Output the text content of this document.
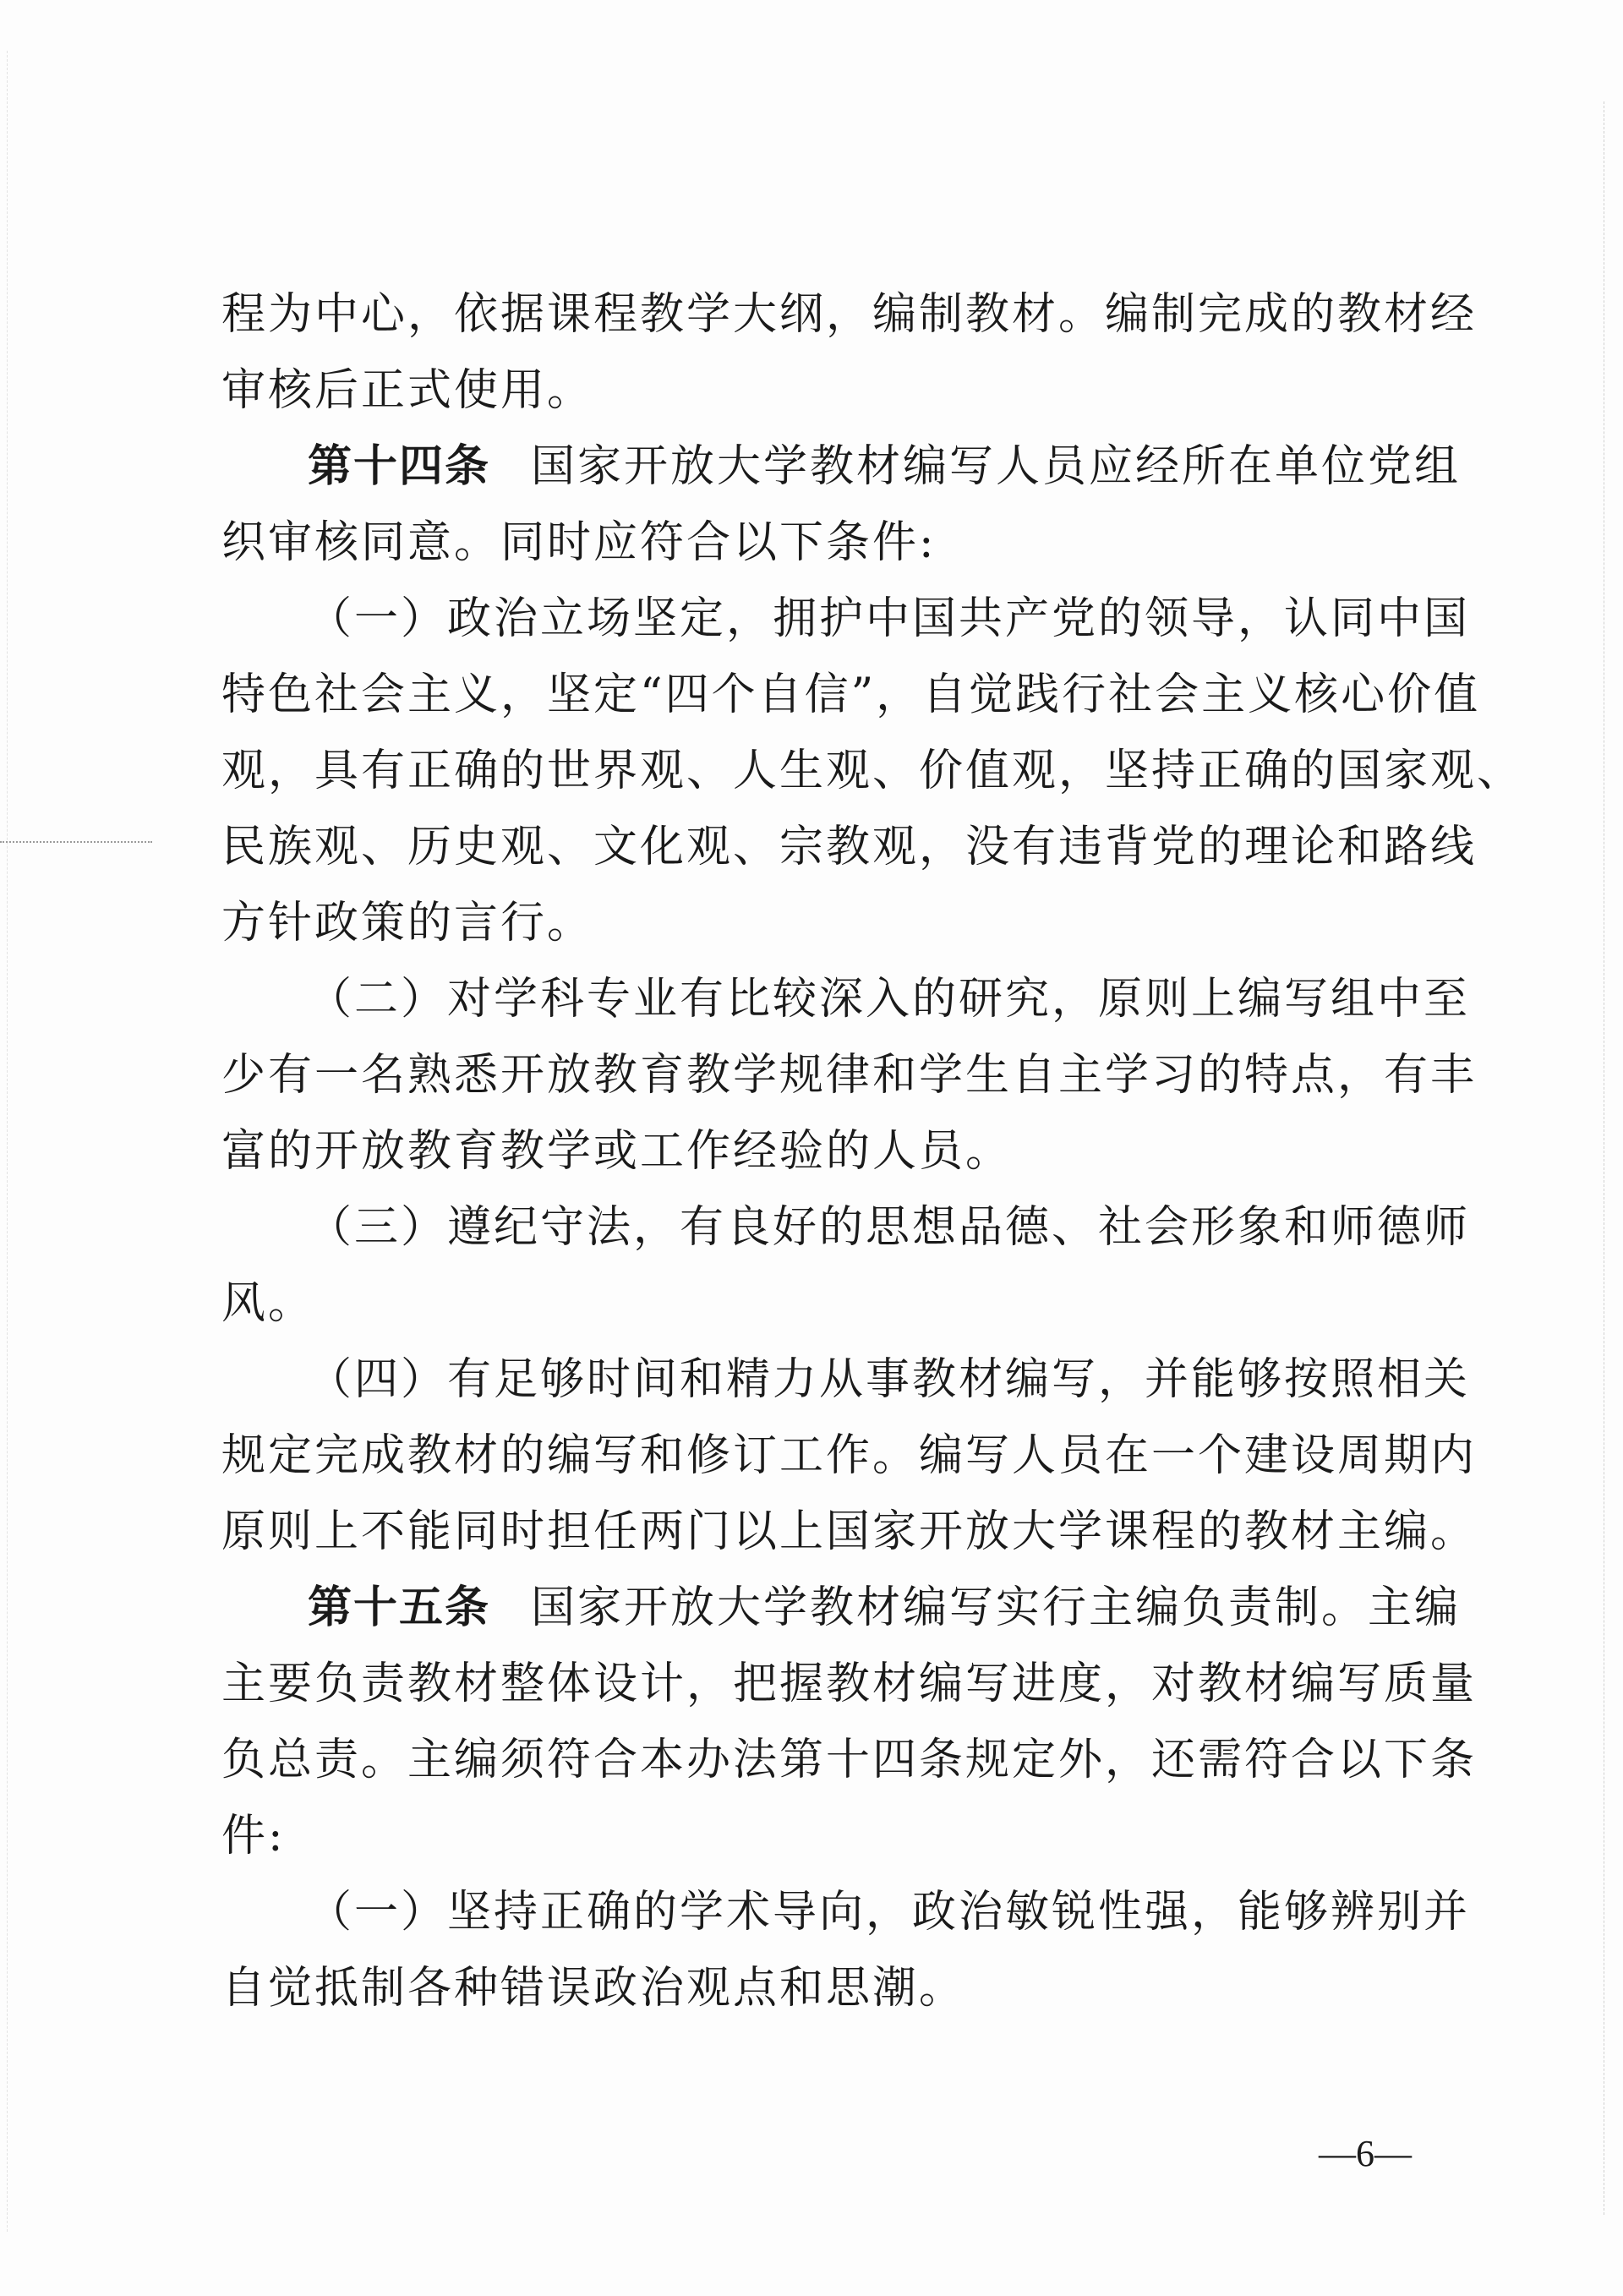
程为中心，依据课程教学大纲，编制教材。编制完成的教材经
审核后正式使用。
第十四条 国家开放大学教材编写人员应经所在单位党组
织审核同意。同时应符合以下条件:
（一）政治立场坚定，拥护中国共产党的领导，认同中国
特色社会主义，坚定“四个自信”，自觉践行社会主义核心价值
观，具有正确的世界观、人生观、价值观，坚持正确的国家观、
民族观、历史观、文化观、宗教观，没有违背党的理论和路线
方针政策的言行。
（二）对学科专业有比较深入的研究，原则上编写组中至
少有一名熟悉开放教育教学规律和学生自主学习的特点，有丰
富的开放教育教学或工作经验的人员。
（三）遵纪守法，有良好的思想品德、社会形象和师德师
风。
（四）有足够时间和精力从事教材编写，并能够按照相关
规定完成教材的编写和修订工作。编写人员在一个建设周期内
原则上不能同时担任两门以上国家开放大学课程的教材主编。
第十五条 国家开放大学教材编写实行主编负责制。主编
主要负责教材整体设计，把握教材编写进度，对教材编写质量
负总责。主编须符合本办法第十四条规定外，还需符合以下条
件:
（一）坚持正确的学术导向，政治敏锐性强，能够辨别并
自觉抵制各种错误政治观点和思潮。
—6—
